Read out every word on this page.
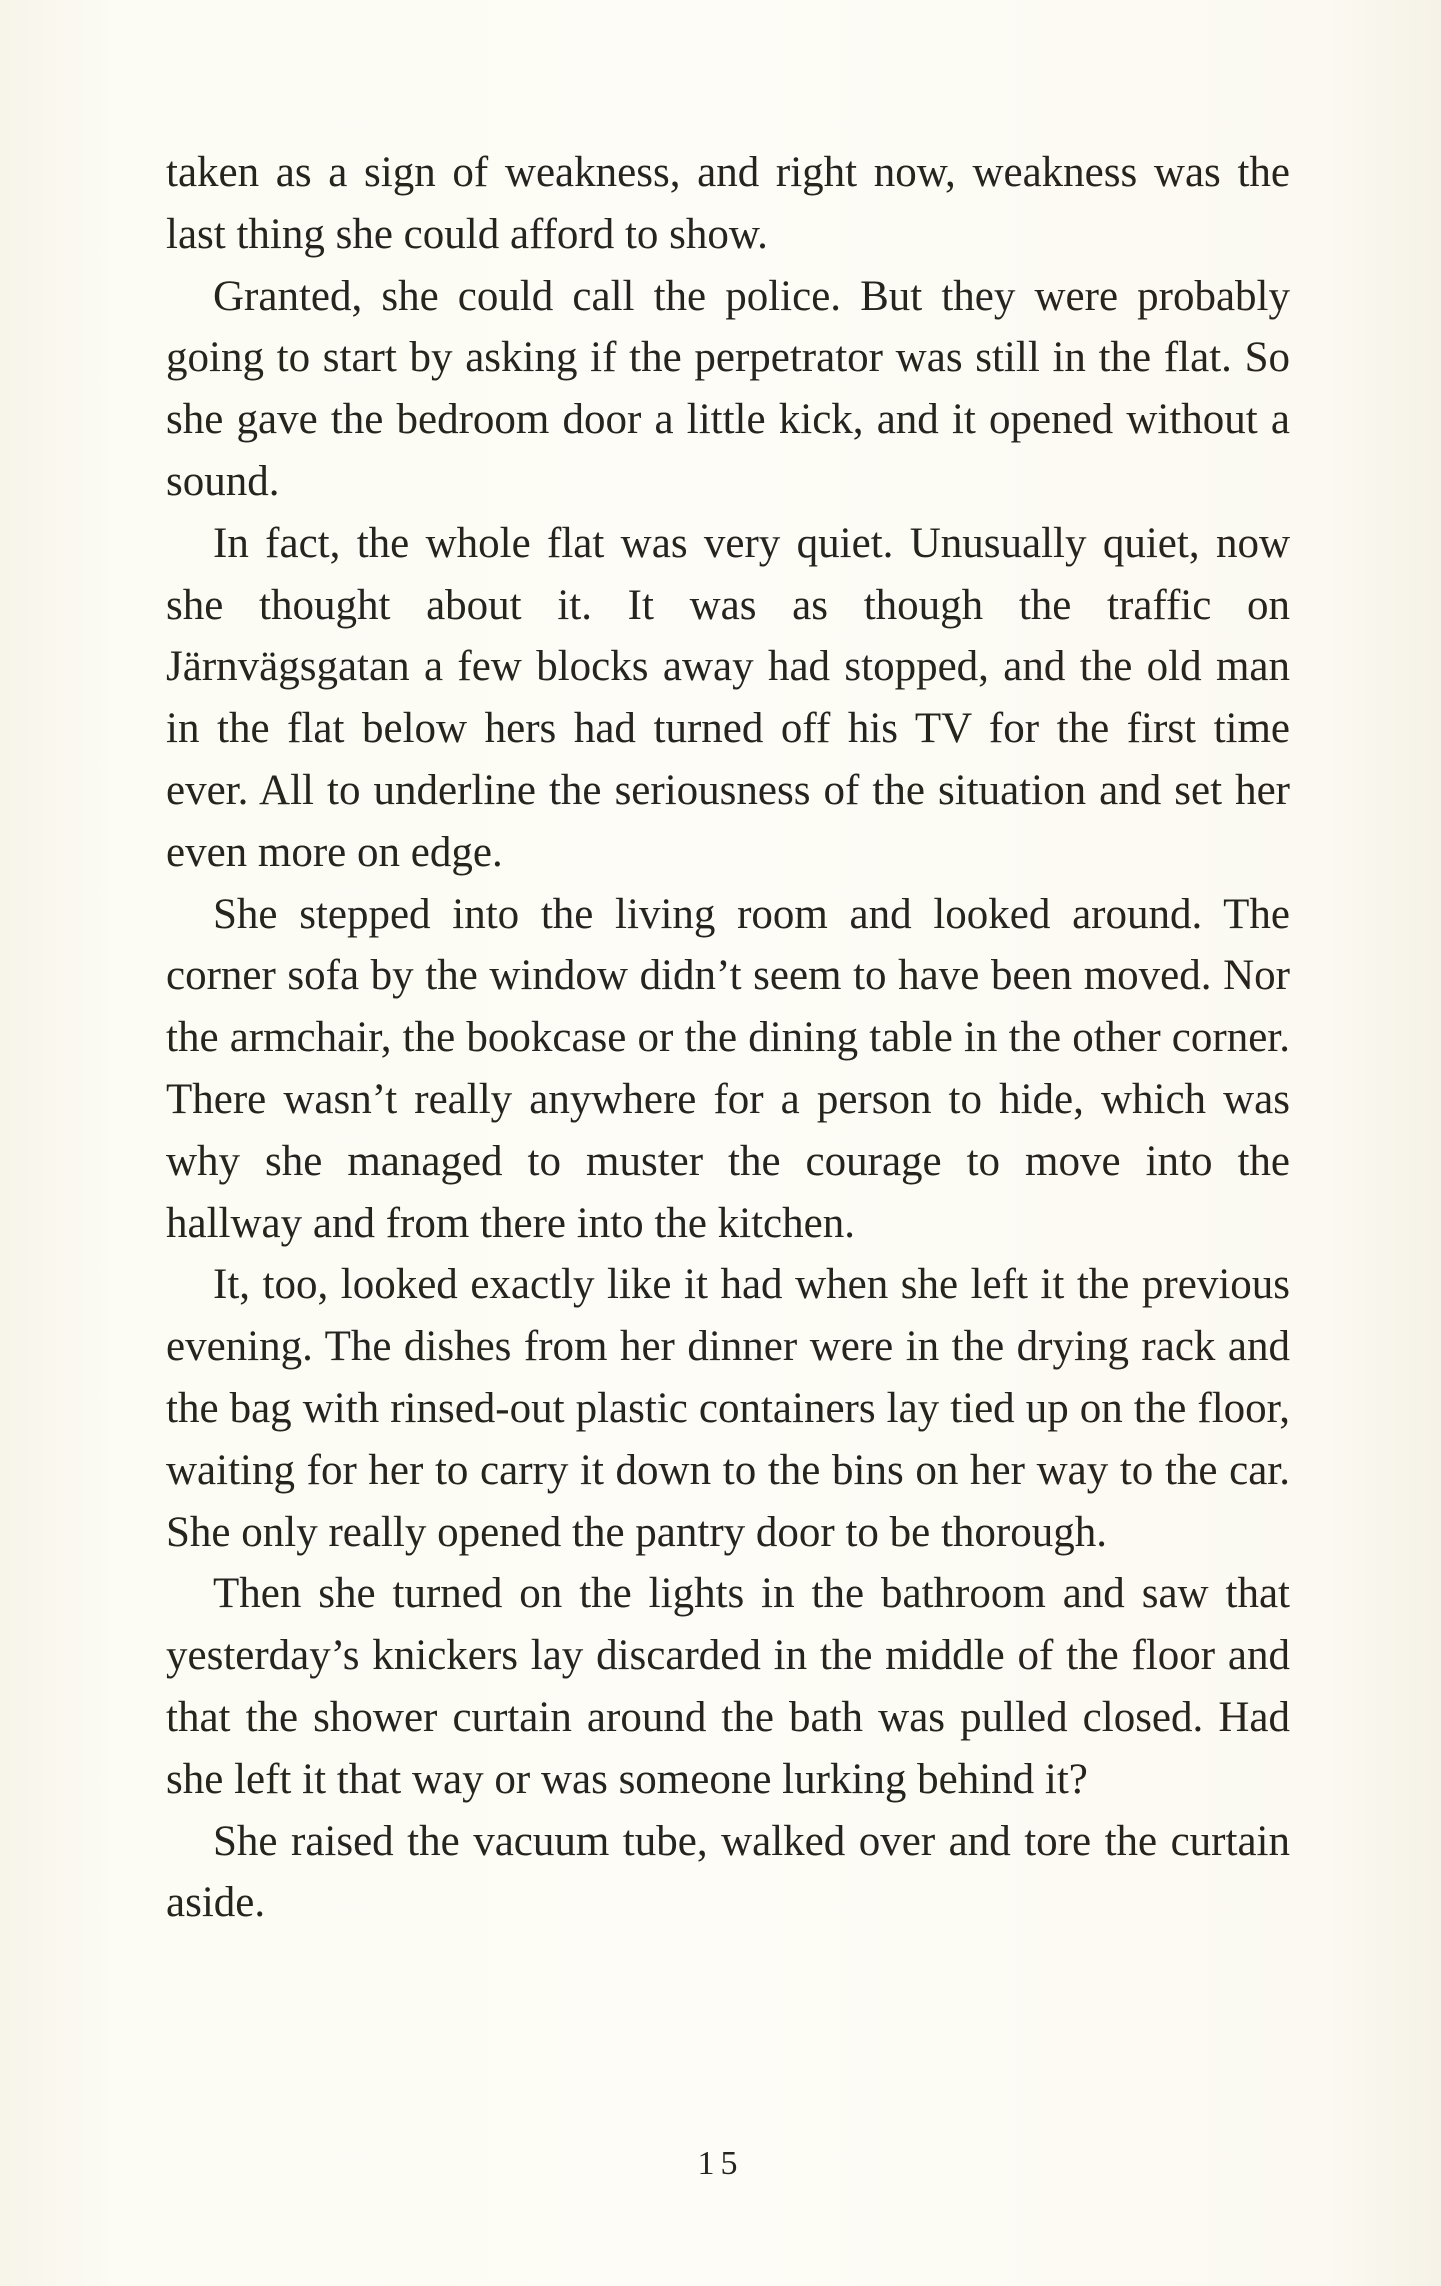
taken as a sign of weakness, and right now, weakness was the last thing she could afford to show.

Granted, she could call the police. But they were probably going to start by asking if the perpetrator was still in the flat. So she gave the bedroom door a little kick, and it opened without a sound.

In fact, the whole flat was very quiet. Unusually quiet, now she thought about it. It was as though the traffic on Järnvägsgatan a few blocks away had stopped, and the old man in the flat below hers had turned off his TV for the first time ever. All to underline the seriousness of the situation and set her even more on edge.

She stepped into the living room and looked around. The corner sofa by the window didn’t seem to have been moved. Nor the armchair, the bookcase or the dining table in the other corner. There wasn’t really anywhere for a person to hide, which was why she managed to muster the courage to move into the hallway and from there into the kitchen.

It, too, looked exactly like it had when she left it the previous evening. The dishes from her dinner were in the drying rack and the bag with rinsed-out plastic containers lay tied up on the floor, waiting for her to carry it down to the bins on her way to the car. She only really opened the pantry door to be thorough.

Then she turned on the lights in the bathroom and saw that yesterday’s knickers lay discarded in the middle of the floor and that the shower curtain around the bath was pulled closed. Had she left it that way or was someone lurking behind it?

She raised the vacuum tube, walked over and tore the curtain aside.

15
